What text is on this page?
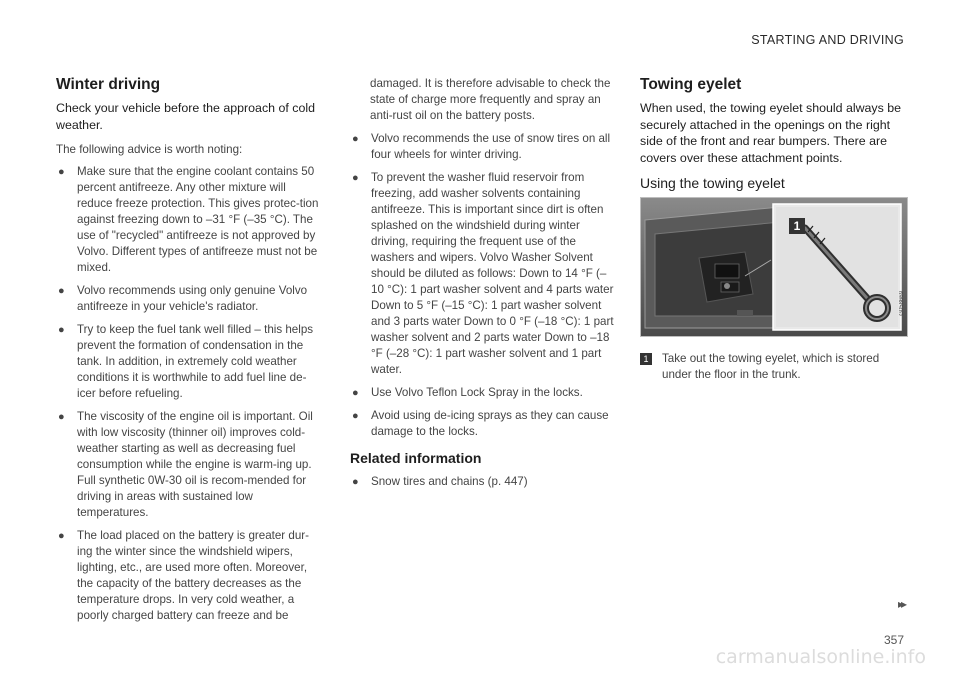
STARTING AND DRIVING
Winter driving

Check your vehicle before the approach of cold weather.

The following advice is worth noting:

● Make sure that the engine coolant contains 50 percent antifreeze. Any other mixture will reduce freeze protection. This gives protec-tion against freezing down to –31 °F (–35 °C). The use of "recycled" antifreeze is not approved by Volvo. Different types of antifreeze must not be mixed.
● Volvo recommends using only genuine Volvo antifreeze in your vehicle's radiator.
● Try to keep the fuel tank well filled – this helps prevent the formation of condensation in the tank. In addition, in extremely cold weather conditions it is worthwhile to add fuel line de-icer before refueling.
● The viscosity of the engine oil is important. Oil with low viscosity (thinner oil) improves cold-weather starting as well as decreasing fuel consumption while the engine is warm-ing up. Full synthetic 0W-30 oil is recom-mended for driving in areas with sustained low temperatures.
● The load placed on the battery is greater dur-ing the winter since the windshield wipers, lighting, etc., are used more often. Moreover, the capacity of the battery decreases as the temperature drops. In very cold weather, a poorly charged battery can freeze and be

damaged. It is therefore advisable to check the state of charge more frequently and spray an anti-rust oil on the battery posts.

● Volvo recommends the use of snow tires on all four wheels for winter driving.
● To prevent the washer fluid reservoir from freezing, add washer solvents containing antifreeze. This is important since dirt is often splashed on the windshield during winter driving, requiring the frequent use of the washers and wipers. Volvo Washer Solvent should be diluted as follows: Down to 14 °F (–10 °C): 1 part washer solvent and 4 parts water Down to 5 °F (–15 °C): 1 part washer solvent and 3 parts water Down to 0 °F (–18 °C): 1 part washer solvent and 2 parts water Down to –18 °F (–28 °C): 1 part washer solvent and 1 part water.
● Use Volvo Teflon Lock Spray in the locks.
● Avoid using de-icing sprays as they can cause damage to the locks.
Related information
● Snow tires and chains (p. 447)
Towing eyelet

When used, the towing eyelet should always be securely attached in the openings on the right side of the front and rear bumpers. There are covers over these attachment points.

Using the towing eyelet
1
G058669
1	Take out the towing eyelet, which is stored under the floor in the trunk.
▸▸
357
carmanualsonline.info
